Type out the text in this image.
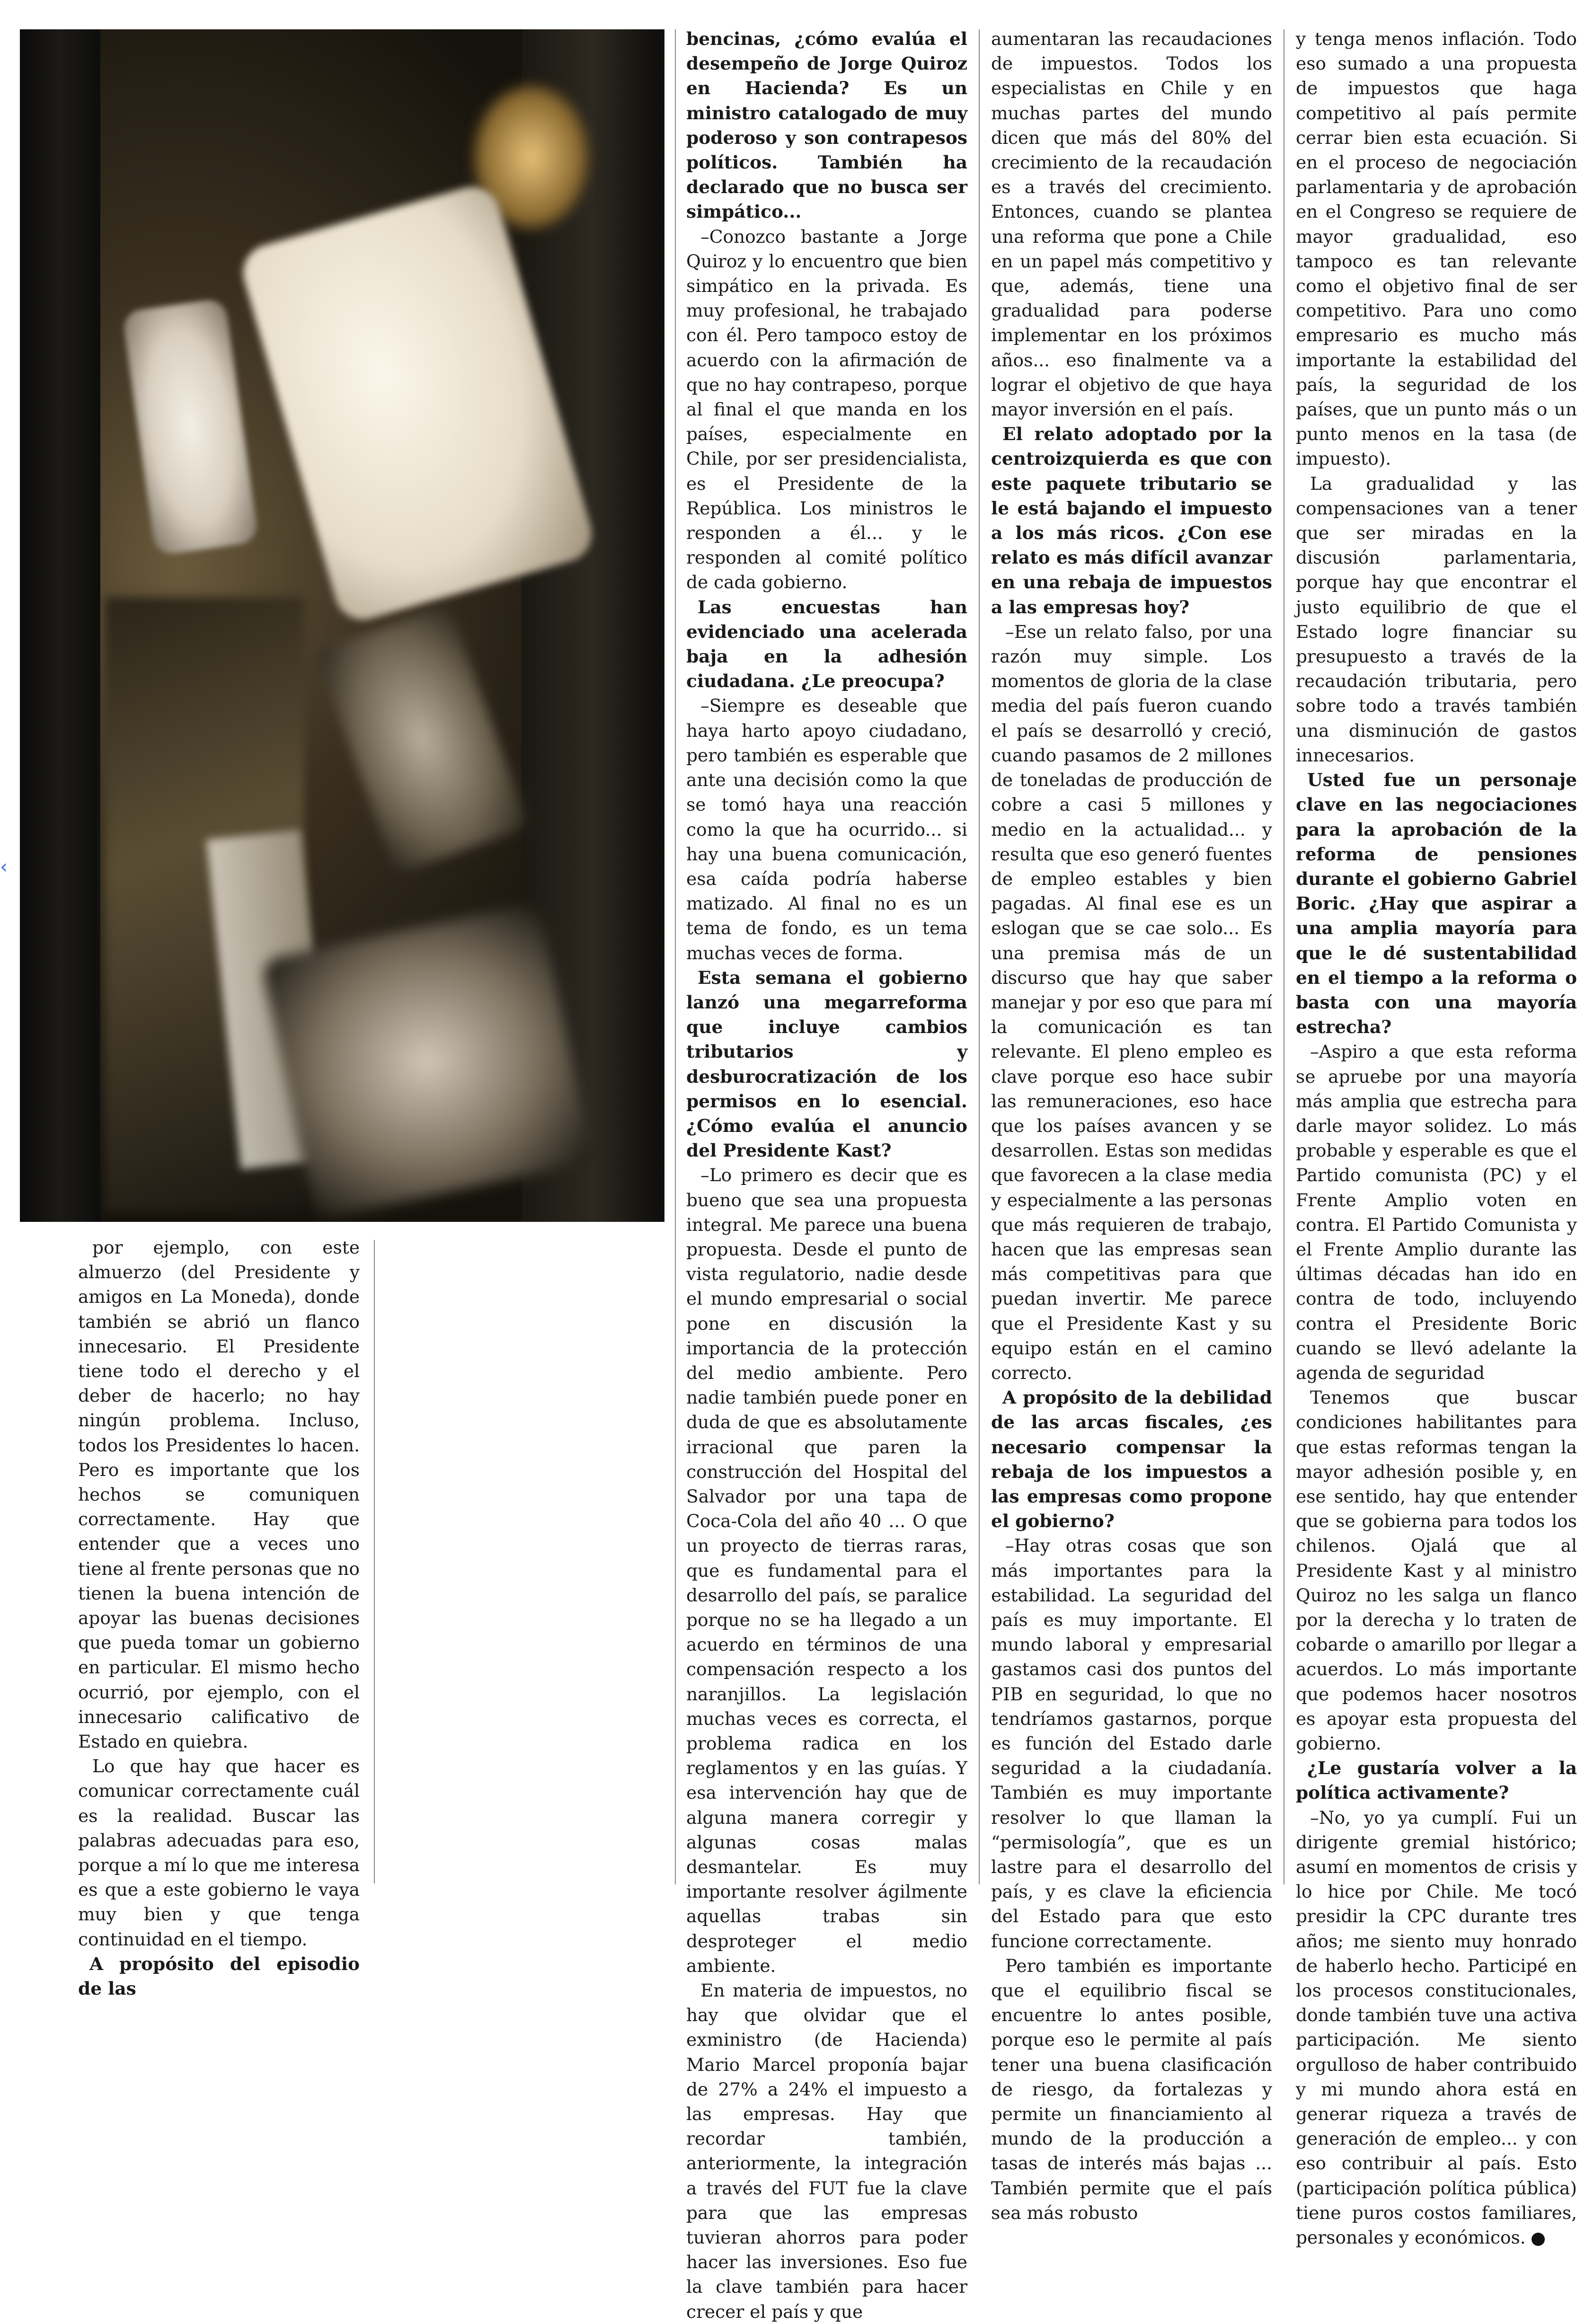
‹

por ejemplo, con este almuerzo (del Presidente y amigos en La Moneda), donde también se abrió un flanco innecesario. El Presidente tiene todo el derecho y el deber de hacerlo; no hay ningún problema. Incluso, todos los Presidentes lo hacen. Pero es importante que los hechos se comuniquen correctamente. Hay que entender que a veces uno tiene al frente personas que no tienen la buena intención de apoyar las buenas decisiones que pueda tomar un gobierno en particular. El mismo hecho ocurrió, por ejemplo, con el innecesario calificativo de Estado en quiebra.

Lo que hay que hacer es comunicar correctamente cuál es la realidad. Buscar las palabras adecuadas para eso, porque a mí lo que me interesa es que a este gobierno le vaya muy bien y que tenga continuidad en el tiempo.

A propósito del episodio de las

bencinas, ¿cómo evalúa el desempeño de Jorge Quiroz en Hacienda? Es un ministro catalogado de muy poderoso y son contrapesos políticos. También ha declarado que no busca ser simpático...

–Conozco bastante a Jorge Quiroz y lo encuentro que bien simpático en la privada. Es muy profesional, he trabajado con él. Pero tampoco estoy de acuerdo con la afirmación de que no hay contrapeso, porque al final el que manda en los países, especialmente en Chile, por ser presidencialista, es el Presidente de la República. Los ministros le responden a él... y le responden al comité político de cada gobierno.

Las encuestas han evidenciado una acelerada baja en la adhesión ciudadana. ¿Le preocupa?

–Siempre es deseable que haya harto apoyo ciudadano, pero también es esperable que ante una decisión como la que se tomó haya una reacción como la que ha ocurrido... si hay una buena comunicación, esa caída podría haberse matizado. Al final no es un tema de fondo, es un tema muchas veces de forma.

Esta semana el gobierno lanzó una megarreforma que incluye cambios tributarios y desburocratización de los permisos en lo esencial. ¿Cómo evalúa el anuncio del Presidente Kast?

–Lo primero es decir que es bueno que sea una propuesta integral. Me parece una buena propuesta. Desde el punto de vista regulatorio, nadie desde el mundo empresarial o social pone en discusión la importancia de la protección del medio ambiente. Pero nadie también puede poner en duda de que es absolutamente irracional que paren la construcción del Hospital del Salvador por una tapa de Coca-Cola del año 40 ... O que un proyecto de tierras raras, que es fundamental para el desarrollo del país, se paralice porque no se ha llegado a un acuerdo en términos de una compensación respecto a los naranjillos. La legislación muchas veces es correcta, el problema radica en los reglamentos y en las guías. Y esa intervención hay que de alguna manera corregir y algunas cosas malas desmantelar. Es muy importante resolver ágilmente aquellas trabas sin desproteger el medio ambiente.

En materia de impuestos, no hay que olvidar que el exministro (de Hacienda) Mario Marcel proponía bajar de 27% a 24% el impuesto a las empresas. Hay que recordar también, anteriormente, la integración a través del FUT fue la clave para que las empresas tuvieran ahorros para poder hacer las inversiones. Eso fue la clave también para hacer crecer el país y que

aumentaran las recaudaciones de impuestos. Todos los especialistas en Chile y en muchas partes del mundo dicen que más del 80% del crecimiento de la recaudación es a través del crecimiento. Entonces, cuando se plantea una reforma que pone a Chile en un papel más competitivo y que, además, tiene una gradualidad para poderse implementar en los próximos años... eso finalmente va a lograr el objetivo de que haya mayor inversión en el país.

El relato adoptado por la centroizquierda es que con este paquete tributario se le está bajando el impuesto a los más ricos. ¿Con ese relato es más difícil avanzar en una rebaja de impuestos a las empresas hoy?

–Ese un relato falso, por una razón muy simple. Los momentos de gloria de la clase media del país fueron cuando el país se desarrolló y creció, cuando pasamos de 2 millones de toneladas de producción de cobre a casi 5 millones y medio en la actualidad... y resulta que eso generó fuentes de empleo estables y bien pagadas. Al final ese es un eslogan que se cae solo... Es una premisa más de un discurso que hay que saber manejar y por eso que para mí la comunicación es tan relevante. El pleno empleo es clave porque eso hace subir las remuneraciones, eso hace que los países avancen y se desarrollen. Estas son medidas que favorecen a la clase media y especialmente a las personas que más requieren de trabajo, hacen que las empresas sean más competitivas para que puedan invertir. Me parece que el Presidente Kast y su equipo están en el camino correcto.

A propósito de la debilidad de las arcas fiscales, ¿es necesario compensar la rebaja de los impuestos a las empresas como propone el gobierno?

–Hay otras cosas que son más importantes para la estabilidad. La seguridad del país es muy importante. El mundo laboral y empresarial gastamos casi dos puntos del PIB en seguridad, lo que no tendríamos gastarnos, porque es función del Estado darle seguridad a la ciudadanía. También es muy importante resolver lo que llaman la “permisología”, que es un lastre para el desarrollo del país, y es clave la eficiencia del Estado para que esto funcione correctamente.

Pero también es importante que el equilibrio fiscal se encuentre lo antes posible, porque eso le permite al país tener una buena clasificación de riesgo, da fortalezas y permite un financiamiento al mundo de la producción a tasas de interés más bajas ... También permite que el país sea más robusto

y tenga menos inflación. Todo eso sumado a una propuesta de impuestos que haga competitivo al país permite cerrar bien esta ecuación. Si en el proceso de negociación parlamentaria y de aprobación en el Congreso se requiere de mayor gradualidad, eso tampoco es tan relevante como el objetivo final de ser competitivo. Para uno como empresario es mucho más importante la estabilidad del país, la seguridad de los países, que un punto más o un punto menos en la tasa (de impuesto).

La gradualidad y las compensaciones van a tener que ser miradas en la discusión parlamentaria, porque hay que encontrar el justo equilibrio de que el Estado logre financiar su presupuesto a través de la recaudación tributaria, pero sobre todo a través también una disminución de gastos innecesarios.

Usted fue un personaje clave en las negociaciones para la aprobación de la reforma de pensiones durante el gobierno Gabriel Boric. ¿Hay que aspirar a una amplia mayoría para que le dé sustentabilidad en el tiempo a la reforma o basta con una mayoría estrecha?

–Aspiro a que esta reforma se apruebe por una mayoría más amplia que estrecha para darle mayor solidez. Lo más probable y esperable es que el Partido comunista (PC) y el Frente Amplio voten en contra. El Partido Comunista y el Frente Amplio durante las últimas décadas han ido en contra de todo, incluyendo contra el Presidente Boric cuando se llevó adelante la agenda de seguridad

Tenemos que buscar condiciones habilitantes para que estas reformas tengan la mayor adhesión posible y, en ese sentido, hay que entender que se gobierna para todos los chilenos. Ojalá que al Presidente Kast y al ministro Quiroz no les salga un flanco por la derecha y lo traten de cobarde o amarillo por llegar a acuerdos. Lo más importante que podemos hacer nosotros es apoyar esta propuesta del gobierno.

¿Le gustaría volver a la política activamente?

–No, yo ya cumplí. Fui un dirigente gremial histórico; asumí en momentos de crisis y lo hice por Chile. Me tocó presidir la CPC durante tres años; me siento muy honrado de haberlo hecho. Participé en los procesos constitucionales, donde también tuve una activa participación. Me siento orgulloso de haber contribuido y mi mundo ahora está en generar riqueza a través de generación de empleo... y con eso contribuir al país. Esto (participación política pública) tiene puros costos familiares, personales y económicos. P
